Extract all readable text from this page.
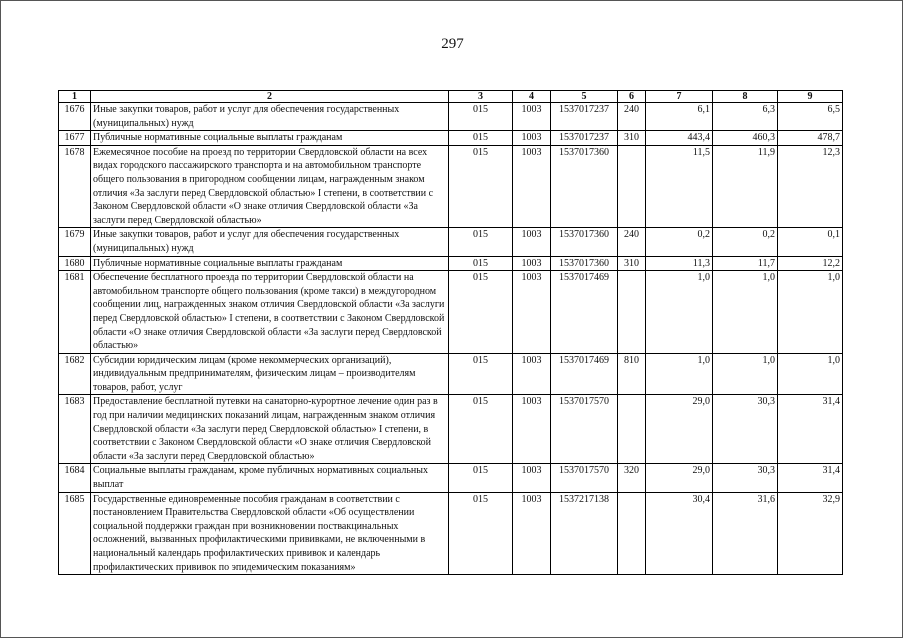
297
1	2	3	4	5	6	7	8	9
1676	Иные закупки товаров, работ и услуг для обеспечения государственных (муниципальных) нужд	015	1003	1537017237	240	6,1	6,3	6,5
1677	Публичные нормативные социальные выплаты гражданам	015	1003	1537017237	310	443,4	460,3	478,7
1678	Ежемесячное пособие на проезд по территории Свердловской области на всех видах городского пассажирского транспорта и на автомобильном транспорте общего пользования в пригородном сообщении лицам, награжденным знаком отличия «За заслуги перед Свердловской областью» I степени, в соответствии с Законом Свердловской области «О знаке отличия Свердловской области «За заслуги перед Свердловской областью»	015	1003	1537017360		11,5	11,9	12,3
1679	Иные закупки товаров, работ и услуг для обеспечения государственных (муниципальных) нужд	015	1003	1537017360	240	0,2	0,2	0,1
1680	Публичные нормативные социальные выплаты гражданам	015	1003	1537017360	310	11,3	11,7	12,2
1681	Обеспечение бесплатного проезда по территории Свердловской области на автомобильном транспорте общего пользования (кроме такси) в междугородном сообщении лиц, награжденных знаком отличия Свердловской области «За заслуги перед Свердловской областью» I степени, в соответствии с Законом Свердловской области «О знаке отличия Свердловской области «За заслуги перед Свердловской областью»	015	1003	1537017469		1,0	1,0	1,0
1682	Субсидии юридическим лицам (кроме некоммерческих организаций), индивидуальным предпринимателям, физическим лицам – производителям товаров, работ, услуг	015	1003	1537017469	810	1,0	1,0	1,0
1683	Предоставление бесплатной путевки на санаторно-курортное лечение один раз в год при наличии медицинских показаний лицам, награжденным знаком отличия Свердловской области «За заслуги перед Свердловской областью» I степени, в соответствии с Законом Свердловской области «О знаке отличия Свердловской области «За заслуги перед Свердловской областью»	015	1003	1537017570		29,0	30,3	31,4
1684	Социальные выплаты гражданам, кроме публичных нормативных социальных выплат	015	1003	1537017570	320	29,0	30,3	31,4
1685	Государственные единовременные пособия гражданам в соответствии с постановлением Правительства Свердловской области «Об осуществлении социальной поддержки граждан при возникновении поствакцинальных осложнений, вызванных профилактическими прививками, не включенными в национальный календарь профилактических прививок и календарь профилактических прививок по эпидемическим показаниям»	015	1003	1537217138		30,4	31,6	32,9
